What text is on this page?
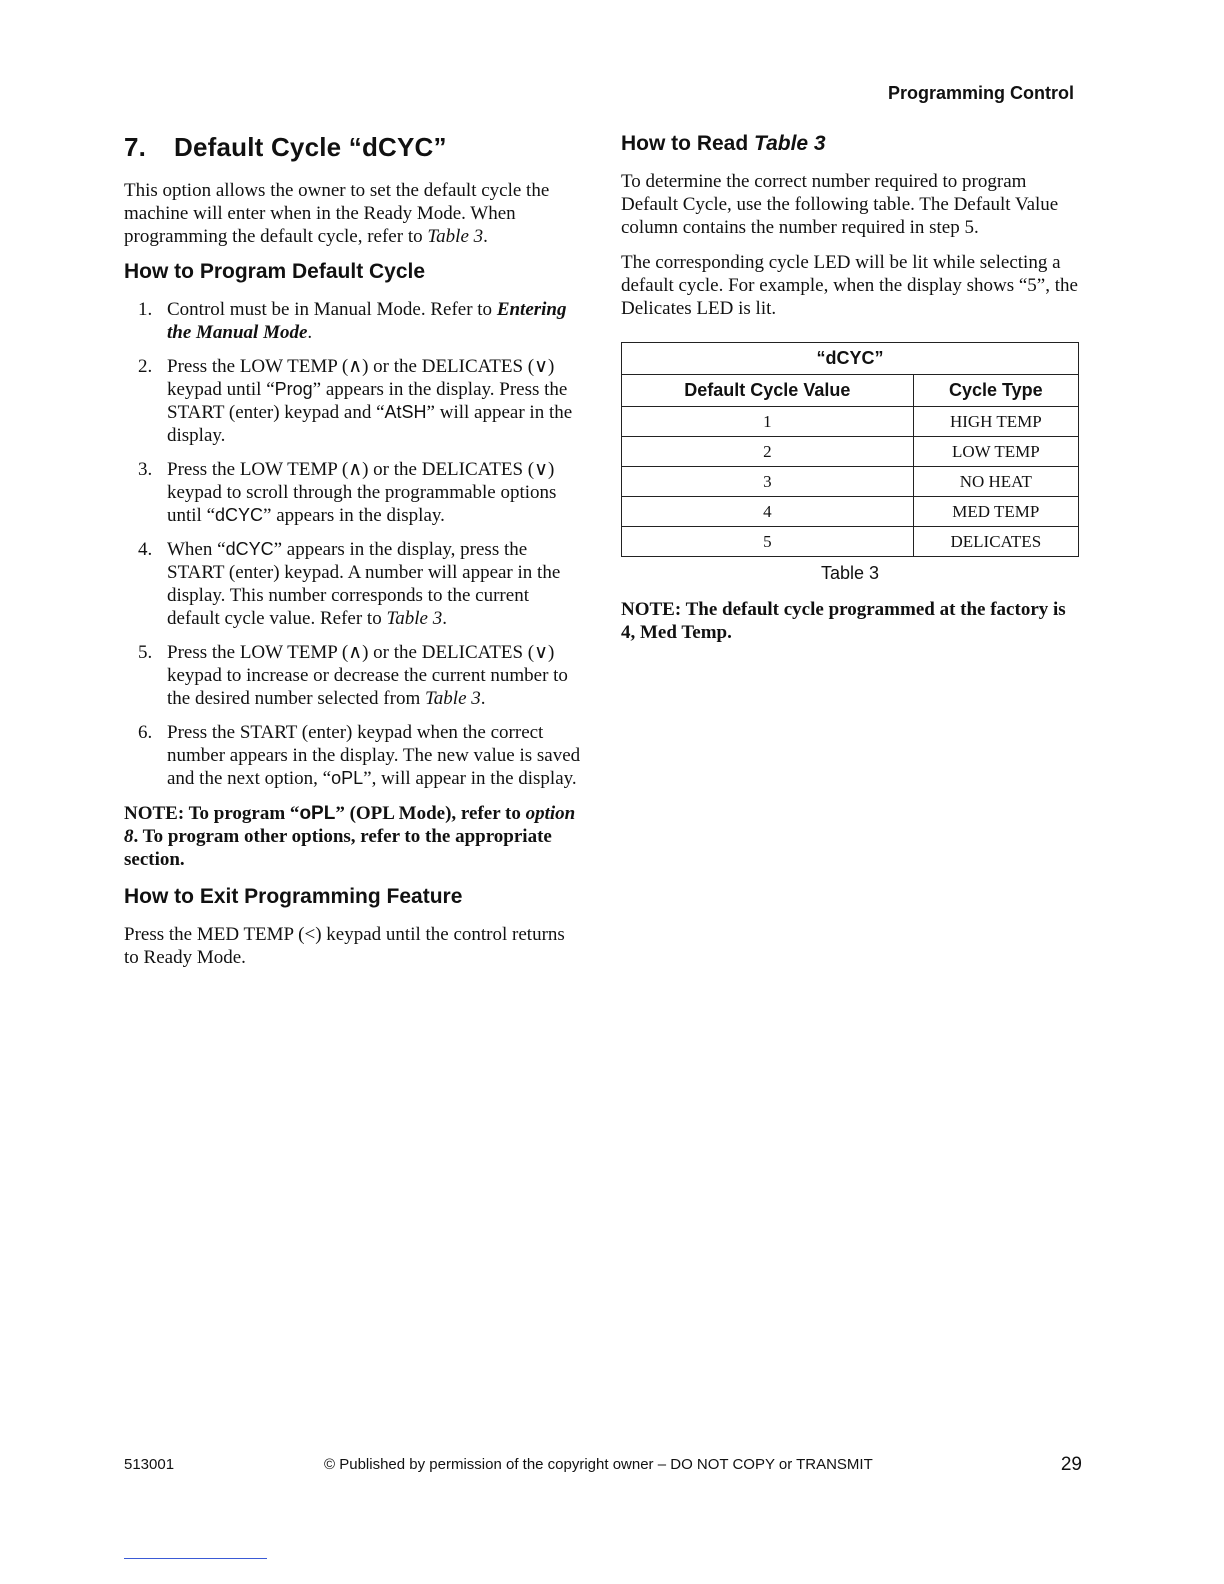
Programming Control
7. Default Cycle “dCYC”

This option allows the owner to set the default cycle the machine will enter when in the Ready Mode. When programming the default cycle, refer to Table 3.

How to Program Default Cycle
1. Control must be in Manual Mode. Refer to Entering the Manual Mode.
2. Press the LOW TEMP (∧) or the DELICATES (∨) keypad until “Prog” appears in the display. Press the START (enter) keypad and “AtSH” will appear in the display.
3. Press the LOW TEMP (∧) or the DELICATES (∨) keypad to scroll through the programmable options until “dCYC” appears in the display.
4. When “dCYC” appears in the display, press the START (enter) keypad. A number will appear in the display. This number corresponds to the current default cycle value. Refer to Table 3.
5. Press the LOW TEMP (∧) or the DELICATES (∨) keypad to increase or decrease the current number to the desired number selected from Table 3.
6. Press the START (enter) keypad when the correct number appears in the display. The new value is saved and the next option, “oPL”, will appear in the display.
NOTE: To program “oPL” (OPL Mode), refer to option 8. To program other options, refer to the appropriate section.
How to Exit Programming Feature

Press the MED TEMP (<) keypad until the control returns to Ready Mode.

How to Read Table 3

To determine the correct number required to program Default Cycle, use the following table. The Default Value column contains the number required in step 5.

The corresponding cycle LED will be lit while selecting a default cycle. For example, when the display shows “5”, the Delicates LED is lit.

“dCYC”	
Default Cycle Value	Cycle Type
1	HIGH TEMP
2	LOW TEMP
3	NO HEAT
4	MED TEMP
5	DELICATES
Table 3
NOTE: The default cycle programmed at the factory is 4, Med Temp.
513001	© Published by permission of the copyright owner – DO NOT COPY or TRANSMIT	29
